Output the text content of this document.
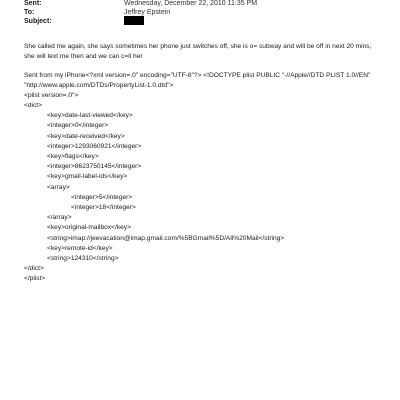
Sent:	Wednesday, December 22, 2010 11:35 PM
To:	Jeffrey Epstein
Subject:
She called me again, she says sometimes her phone just switches off, she is o= subway and will be off in next 20 mins,
she will text me then and we can c=ll her
Sent from my iPhone<?xml version=.0" encoding="UTF-8"?> <!DOCTYPE plist PUBLIC "-//Apple//DTD PLIST 1.0//EN"
"http://www.apple.com/DTDs/PropertyList-1.0.dtd">
<plist version=.0">
<dict>
<key>date-last-viewed</key>
<integer>0</integer>
<key>date-received</key>
<integer>1293060921</integer>
<key>flags</key>
<integer>8623750145</integer>
<key>gmail-label-ids</key>
<array>
<integer>5</integer>
<integer>18</integer>
</array>
<key>original-mailbox</key>
<string>imap://jeevacation@imap.gmail.com/%5BGmail%5D/All%20Mail</string>
<key>remote-id</key>
<string>124310</string>
</dict>
</plist>
